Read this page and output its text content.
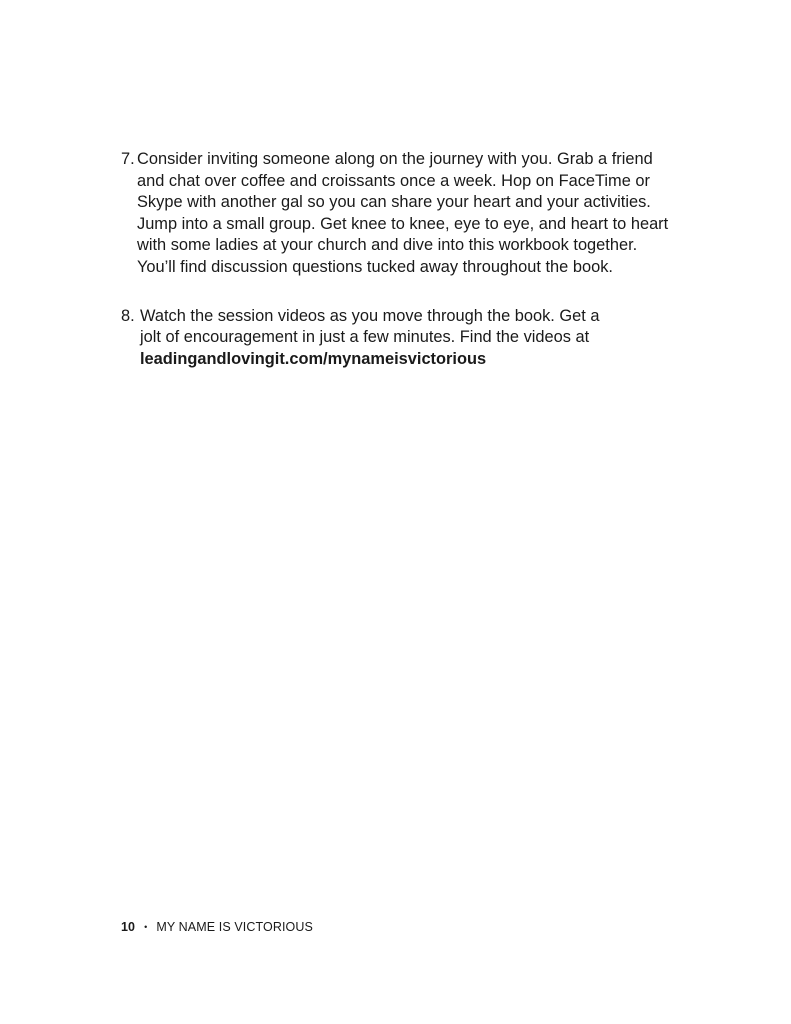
7. Consider inviting someone along on the journey with you. Grab a friend
and chat over coffee and croissants once a week. Hop on FaceTime or
Skype with another gal so you can share your heart and your activities.
Jump into a small group. Get knee to knee, eye to eye, and heart to heart
with some ladies at your church and dive into this workbook together.
You’ll find discussion questions tucked away throughout the book.
8. Watch the session videos as you move through the book. Get a
jolt of encouragement in just a few minutes. Find the videos at
leadingandlovingit.com/mynameisvictorious
10 • MY NAME IS VICTORIOUS
